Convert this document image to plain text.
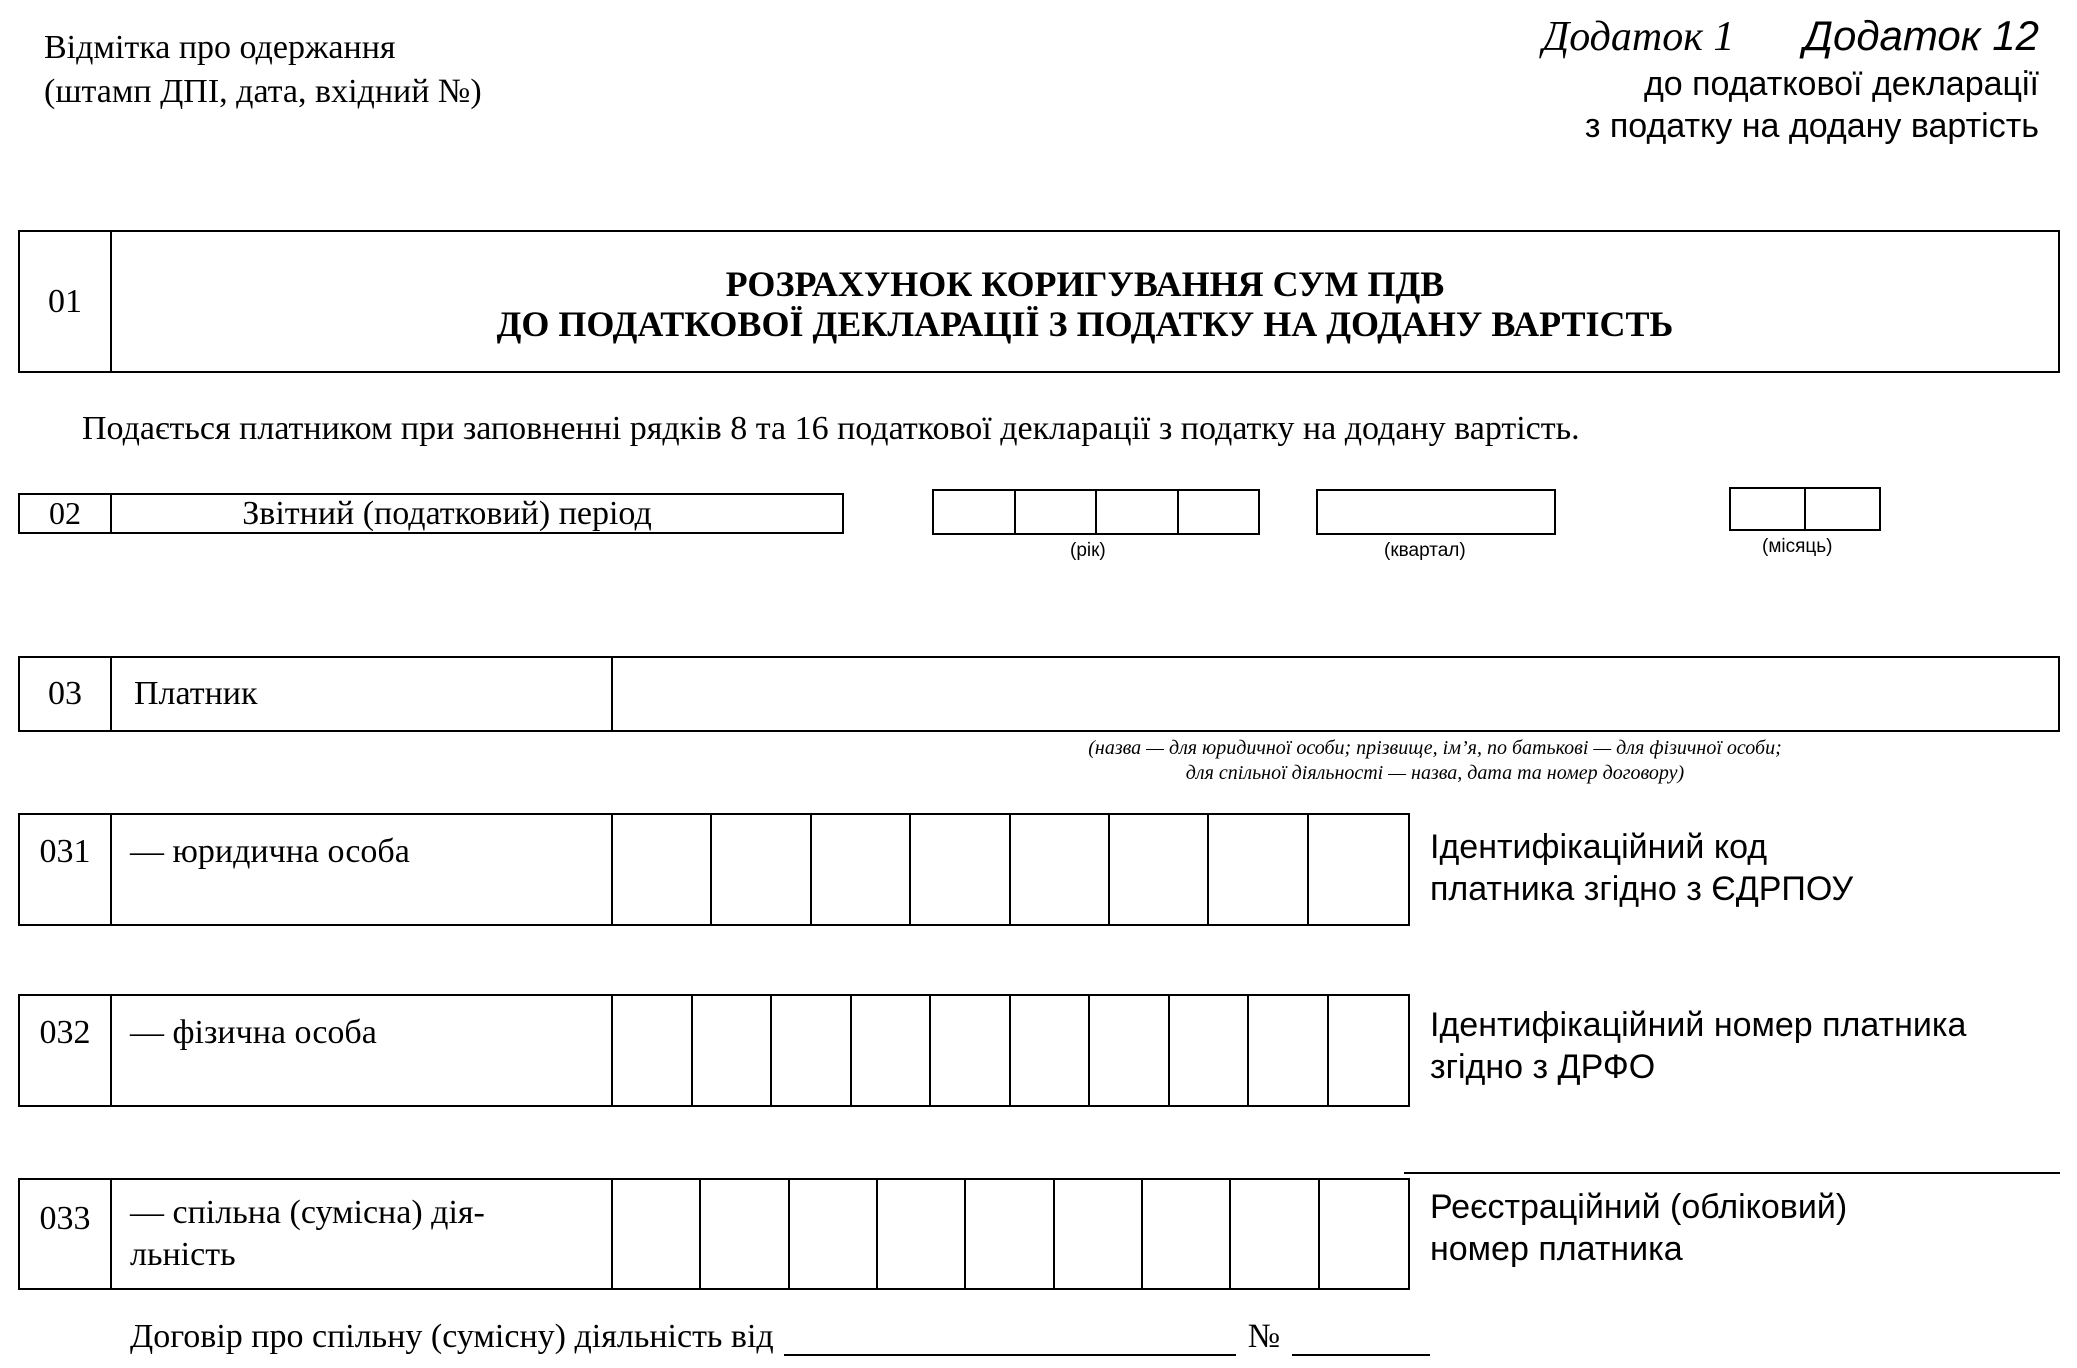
Відмітка про одержання
(штамп ДПІ, дата, вхідний №)
Додаток 1 Додаток 12
до податкової декларації
з податку на додану вартість
01	РОЗРАХУНОК КОРИГУВАННЯ СУМ ПДВ
ДО ПОДАТКОВОЇ ДЕКЛАРАЦІЇ З ПОДАТКУ НА ДОДАНУ ВАРТІСТЬ
Подається платником при заповненні рядків 8 та 16 податкової декларації з податку на додану вартість.
02	Звітний (податковий) період
(рік)	(квартал)	(місяць)
03	Платник
(назва — для юридичної особи; прізвище, ім’я, по батькові — для фізичної особи;
для спільної діяльності — назва, дата та номер договору)
031	— юридична особа	Ідентифікаційний код
платника згідно з ЄДРПОУ
032	— фізична особа	Ідентифікаційний номер платника
згідно з ДРФО
033	— спільна (сумісна) дія-
льність
Реєстраційний (обліковий)
номер платника
Договір про спільну (сумісну) діяльність від	№
